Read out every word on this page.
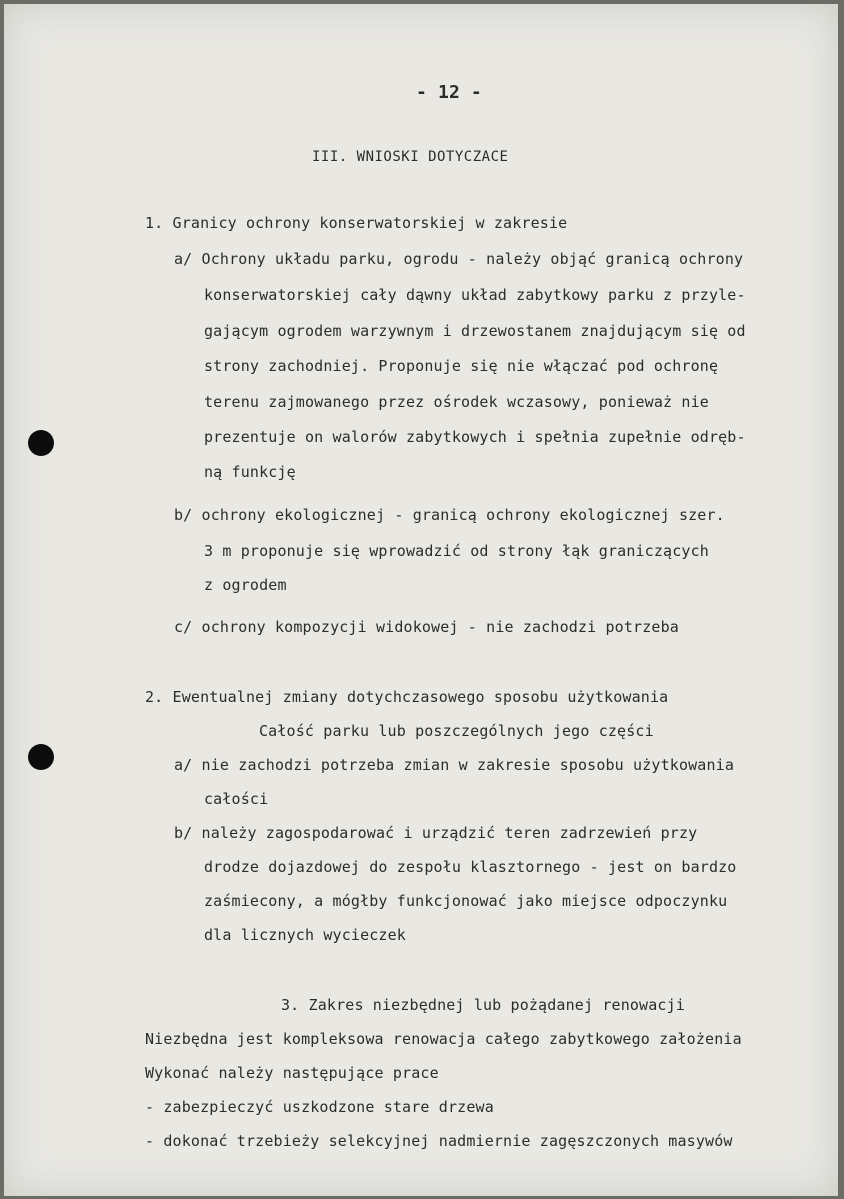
- 12 -
III. WNIOSKI DOTYCZACE
1. Granicy ochrony konserwatorskiej w zakresie
a/ Ochrony układu parku, ogrodu - należy objąć granicą ochrony
konserwatorskiej cały dąwny układ zabytkowy parku z przyle-
gającym ogrodem warzywnym i drzewostanem znajdującym się od
strony zachodniej. Proponuje się nie włączać pod ochronę
terenu zajmowanego przez ośrodek wczasowy, ponieważ nie
prezentuje on walorów zabytkowych i spełnia zupełnie odręb-
ną funkcję
b/ ochrony ekologicznej - granicą ochrony ekologicznej szer.
3 m proponuje się wprowadzić od strony łąk graniczących
z ogrodem
c/ ochrony kompozycji widokowej - nie zachodzi potrzeba
2. Ewentualnej zmiany dotychczasowego sposobu użytkowania
Całość parku lub poszczególnych jego części
a/ nie zachodzi potrzeba zmian w zakresie sposobu użytkowania
całości
b/ należy zagospodarować i urządzić teren zadrzewień przy
drodze dojazdowej do zespołu klasztornego - jest on bardzo
zaśmiecony, a mógłby funkcjonować jako miejsce odpoczynku
dla licznych wycieczek
3. Zakres niezbędnej lub pożądanej renowacji
Niezbędna jest kompleksowa renowacja całego zabytkowego założenia
Wykonać należy następujące prace
- zabezpieczyć uszkodzone stare drzewa
- dokonać trzebieży selekcyjnej nadmiernie zagęszczonych masywów
